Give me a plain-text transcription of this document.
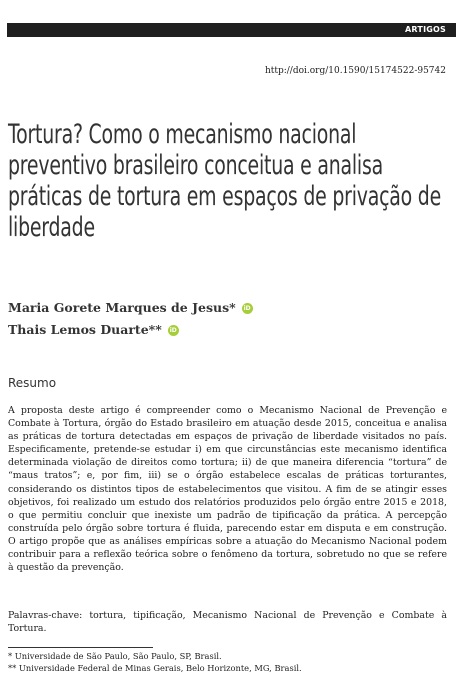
ARTIGOS
http://doi.org/10.1590/15174522-95742
Tortura? Como o mecanismo nacional preventivo brasileiro conceitua e analisa práticas de tortura em espaços de privação de liberdade
Maria Gorete Marques de Jesus*	iD
Thais Lemos Duarte**	iD
Resumo

A proposta deste artigo é compreender como o Mecanismo Nacional de Prevenção e Combate à Tortura, órgão do Estado brasileiro em atuação desde 2015, conceitua e analisa as práticas de tortura detectadas em espaços de privação de liberdade visitados no país. Especificamente, pretende-se estudar i) em que circunstâncias este mecanismo identifica determinada violação de direitos como tortura; ii) de que maneira diferencia “tortura” de “maus tratos”; e, por fim, iii) se o órgão estabelece escalas de práticas torturantes, considerando os distintos tipos de estabelecimentos que visitou. A fim de se atingir esses objetivos, foi realizado um estudo dos relatórios produzidos pelo órgão entre 2015 e 2018, o que permitiu concluir que inexiste um padrão de tipificação da prática. A percepção construída pelo órgão sobre tortura é fluida, parecendo estar em disputa e em construção. O artigo propõe que as análises empíricas sobre a atuação do Mecanismo Nacional podem contribuir para a reflexão teórica sobre o fenômeno da tortura, sobretudo no que se refere à questão da prevenção.

Palavras-chave: tortura, tipificação, Mecanismo Nacional de Prevenção e Combate à Tortura.

* Universidade de São Paulo, São Paulo, SP, Brasil.
** Universidade Federal de Minas Gerais, Belo Horizonte, MG, Brasil.
